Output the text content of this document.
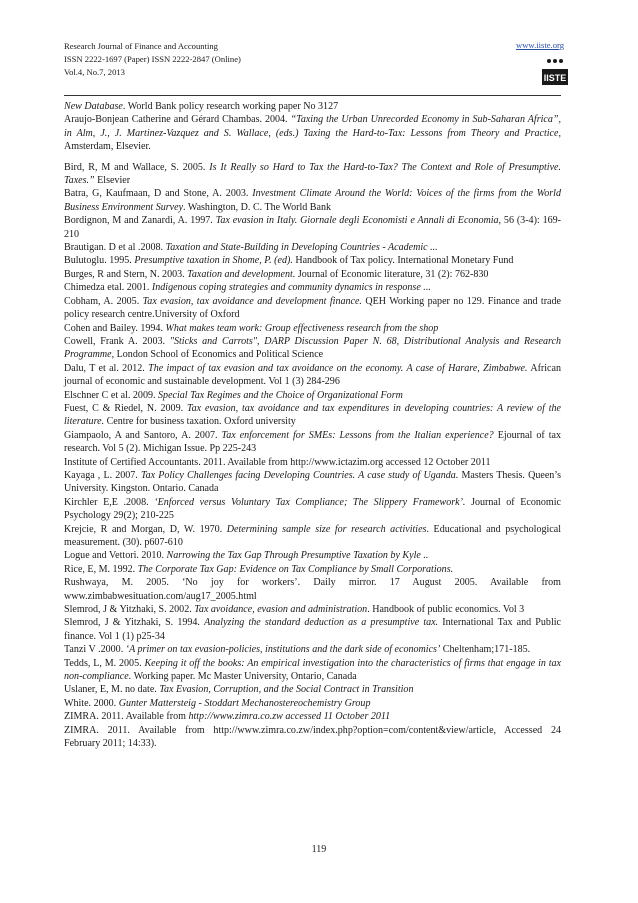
Research Journal of Finance and Accounting
ISSN 2222-1697 (Paper) ISSN 2222-2847 (Online)
Vol.4, No.7, 2013
www.iiste.org
IISTE

New Database. World Bank policy research working paper No 3127

Araujo-Bonjean Catherine and Gérard Chambas. 2004. “Taxing the Urban Unrecorded Economy in Sub-Saharan Africa”, in Alm, J., J. Martinez-Vazquez and S. Wallace, (eds.) Taxing the Hard-to-Tax: Lessons from Theory and Practice, Amsterdam, Elsevier.

Bird, R, M and Wallace, S. 2005. Is It Really so Hard to Tax the Hard-to-Tax? The Context and Role of Presumptive. Taxes.” Elsevier

Batra, G, Kaufmaan, D and Stone, A. 2003. Investment Climate Around the World: Voices of the firms from the World Business Environment Survey. Washington, D. C. The World Bank

Bordignon, M and Zanardi, A. 1997. Tax evasion in Italy. Giornale degli Economisti e Annali di Economia, 56 (3-4): 169-210

Brautigan. D et al .2008. Taxation and State-Building in Developing Countries - Academic ...

Bulutoglu. 1995. Presumptive taxation in Shome, P. (ed). Handbook of Tax policy. International Monetary Fund

Burges, R and Stern, N. 2003. Taxation and development. Journal of Economic literature, 31 (2): 762-830

Chimedza etal. 2001. Indigenous coping strategies and community dynamics in response ...

Cobham, A. 2005. Tax evasion, tax avoidance and development finance. QEH Working paper no 129. Finance and trade policy research centre.University of Oxford

Cohen and Bailey. 1994. What makes team work: Group effectiveness research from the shop

Cowell, Frank A. 2003. "Sticks and Carrots", DARP Discussion Paper N. 68, Distributional Analysis and Research Programme, London School of Economics and Political Science

Dalu, T et al. 2012. The impact of tax evasion and tax avoidance on the economy. A case of Harare, Zimbabwe. African journal of economic and sustainable development. Vol 1 (3) 284-296

Elschner C et al. 2009. Special Tax Regimes and the Choice of Organizational Form

Fuest, C & Riedel, N. 2009. Tax evasion, tax avoidance and tax expenditures in developing countries: A review of the literature. Centre for business taxation. Oxford university

Giampaolo, A and Santoro, A. 2007. Tax enforcement for SMEs: Lessons from the Italian experience? Ejournal of tax research. Vol 5 (2). Michigan Issue. Pp 225-243

Institute of Certified Accountants. 2011. Available from http://www.ictazim.org accessed 12 October 2011

Kayaga , L. 2007. Tax Policy Challenges facing Developing Countries. A case study of Uganda. Masters Thesis. Queen’s University. Kingston. Ontario. Canada

Kirchler E,E .2008. ‘Enforced versus Voluntary Tax Compliance; The Slippery Framework’. Journal of Economic Psychology 29(2); 210-225

Krejcie, R and Morgan, D, W. 1970. Determining sample size for research activities. Educational and psychological measurement. (30). p607-610

Logue and Vettori. 2010. Narrowing the Tax Gap Through Presumptive Taxation by Kyle ..

Rice, E, M. 1992. The Corporate Tax Gap: Evidence on Tax Compliance by Small Corporations.

Rushwaya, M. 2005. ‘No joy for workers’. Daily mirror. 17 August 2005. Available from www.zimbabwesituation.com/aug17_2005.html

Slemrod, J & Yitzhaki, S. 2002. Tax avoidance, evasion and administration. Handbook of public economics. Vol 3

Slemrod, J & Yitzhaki, S. 1994. Analyzing the standard deduction as a presumptive tax. International Tax and Public finance. Vol 1 (1) p25-34

Tanzi V .2000. ‘A primer on tax evasion-policies, institutions and the dark side of economics’ Cheltenham;171-185.

Tedds, L, M. 2005. Keeping it off the books: An empirical investigation into the characteristics of firms that engage in tax non-compliance. Working paper. Mc Master University, Ontario, Canada

Uslaner, E, M. no date. Tax Evasion, Corruption, and the Social Contract in Transition

White. 2000. Gunter Mattersteig - Stoddart Mechanostereochemistry Group

ZIMRA. 2011. Available from http://www.zimra.co.zw accessed 11 October 2011

ZIMRA. 2011. Available from http://www.zimra.co.zw/index.php?option=com/content&view/article, Accessed 24 February 2011; 14:33).

119
